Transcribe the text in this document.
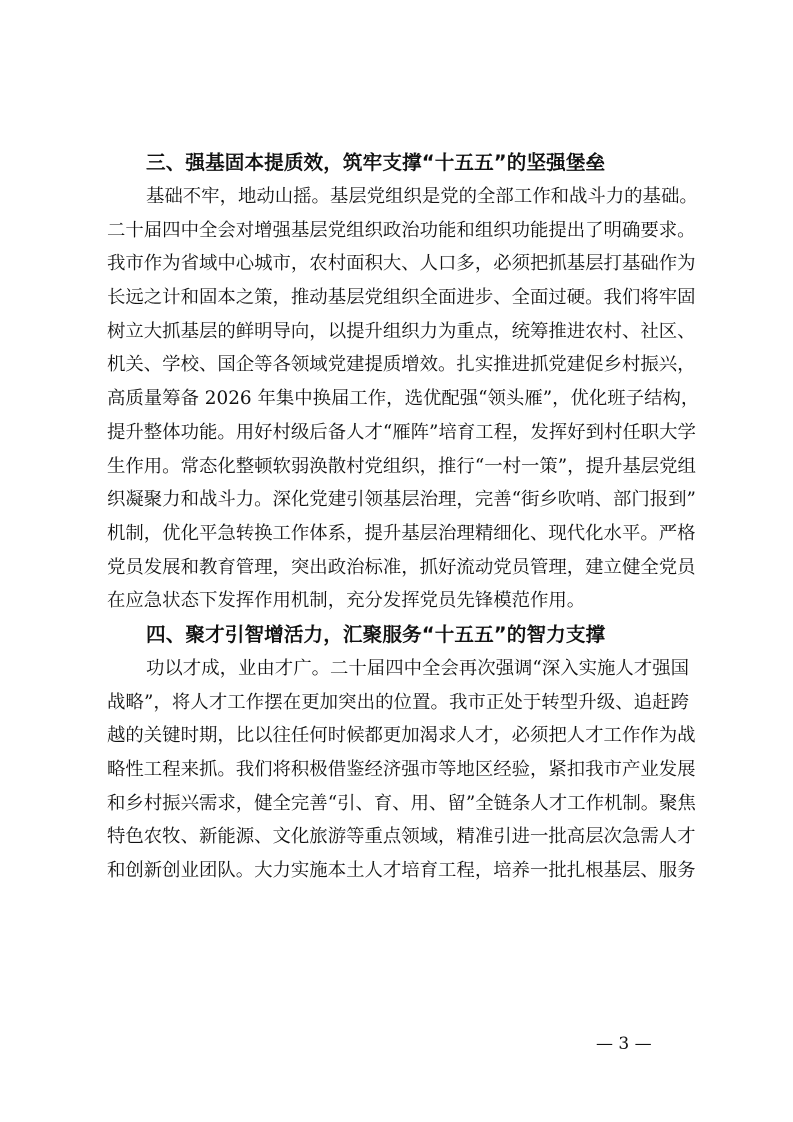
三、强基固本提质效，筑牢支撑“十五五”的坚强堡垒
基础不牢，地动山摇。基层党组织是党的全部工作和战斗力的基础。
二十届四中全会对增强基层党组织政治功能和组织功能提出了明确要求。
我市作为省域中心城市，农村面积大、人口多，必须把抓基层打基础作为
长远之计和固本之策，推动基层党组织全面进步、全面过硬。我们将牢固
树立大抓基层的鲜明导向，以提升组织力为重点，统筹推进农村、社区、
机关、学校、国企等各领域党建提质增效。扎实推进抓党建促乡村振兴，
高质量筹备 2026 年集中换届工作，选优配强“领头雁”，优化班子结构，
提升整体功能。用好村级后备人才“雁阵”培育工程，发挥好到村任职大学
生作用。常态化整顿软弱涣散村党组织，推行“一村一策”，提升基层党组
织凝聚力和战斗力。深化党建引领基层治理，完善“街乡吹哨、部门报到”
机制，优化平急转换工作体系，提升基层治理精细化、现代化水平。严格
党员发展和教育管理，突出政治标准，抓好流动党员管理，建立健全党员
在应急状态下发挥作用机制，充分发挥党员先锋模范作用。
四、聚才引智增活力，汇聚服务“十五五”的智力支撑
功以才成，业由才广。二十届四中全会再次强调“深入实施人才强国
战略”，将人才工作摆在更加突出的位置。我市正处于转型升级、追赶跨
越的关键时期，比以往任何时候都更加渴求人才，必须把人才工作作为战
略性工程来抓。我们将积极借鉴经济强市等地区经验，紧扣我市产业发展
和乡村振兴需求，健全完善“引、育、用、留”全链条人才工作机制。聚焦
特色农牧、新能源、文化旅游等重点领域，精准引进一批高层次急需人才
和创新创业团队。大力实施本土人才培育工程，培养一批扎根基层、服务
— 3 —
